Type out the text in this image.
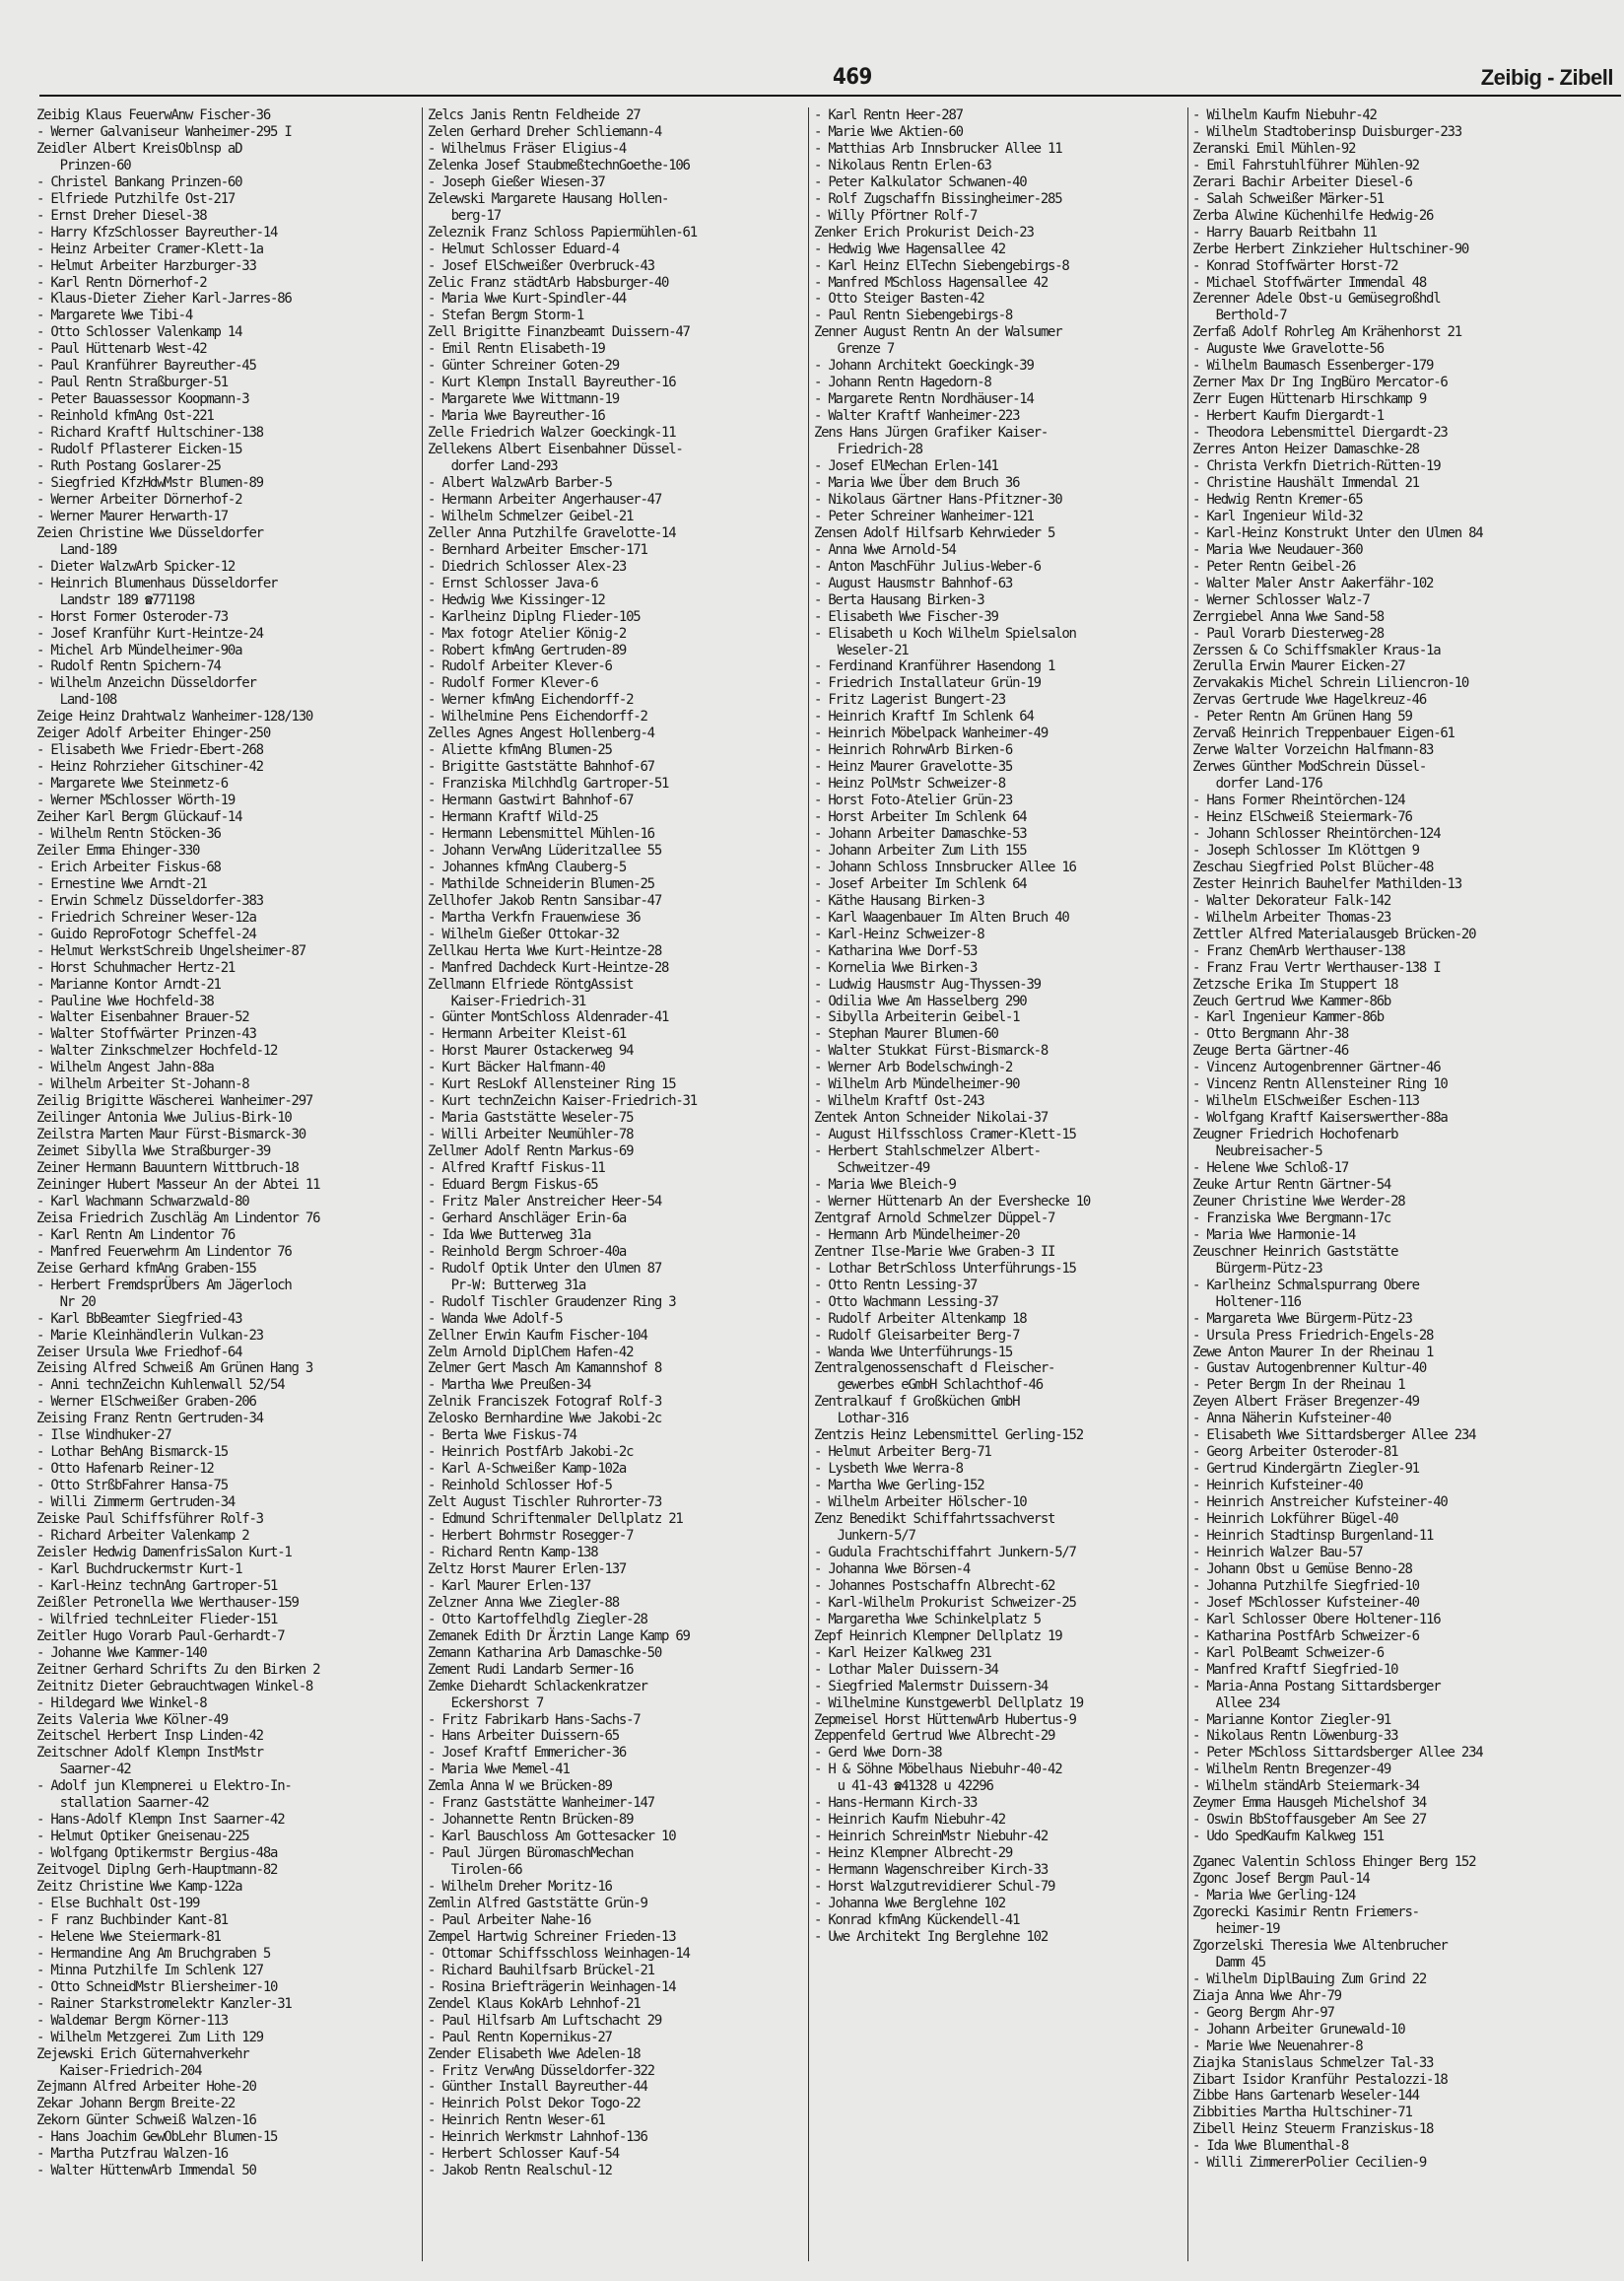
469	Zeibig - Zibell
Zeibig Klaus FeuerwAnw Fischer-36
- Werner Galvaniseur Wanheimer-295 I
Zeidler Albert KreisOblnsp aD
Prinzen-60
- Christel Bankang Prinzen-60
- Elfriede Putzhilfe Ost-217
- Ernst Dreher Diesel-38
- Harry KfzSchlosser Bayreuther-14
- Heinz Arbeiter Cramer-Klett-1a
- Helmut Arbeiter Harzburger-33
- Karl Rentn Dörnerhof-2
- Klaus-Dieter Zieher Karl-Jarres-86
- Margarete Wwe Tibi-4
- Otto Schlosser Valenkamp 14
- Paul Hüttenarb West-42
- Paul Kranführer Bayreuther-45
- Paul Rentn Straßburger-51
- Peter Bauassessor Koopmann-3
- Reinhold kfmAng Ost-221
- Richard Kraftf Hultschiner-138
- Rudolf Pflasterer Eicken-15
- Ruth Postang Goslarer-25
- Siegfried KfzHdwMstr Blumen-89
- Werner Arbeiter Dörnerhof-2
- Werner Maurer Herwarth-17
Zeien Christine Wwe Düsseldorfer
Land-189
- Dieter WalzwArb Spicker-12
- Heinrich Blumenhaus Düsseldorfer
Landstr 189 ☎771198
- Horst Former Osteroder-73
- Josef Kranführ Kurt-Heintze-24
- Michel Arb Mündelheimer-90a
- Rudolf Rentn Spichern-74
- Wilhelm Anzeichn Düsseldorfer
Land-108
Zeige Heinz Drahtwalz Wanheimer-128/130
Zeiger Adolf Arbeiter Ehinger-250
- Elisabeth Wwe Friedr-Ebert-268
- Heinz Rohrzieher Gitschiner-42
- Margarete Wwe Steinmetz-6
- Werner MSchlosser Wörth-19
Zeiher Karl Bergm Glückauf-14
- Wilhelm Rentn Stöcken-36
Zeiler Emma Ehinger-330
- Erich Arbeiter Fiskus-68
- Ernestine Wwe Arndt-21
- Erwin Schmelz Düsseldorfer-383
- Friedrich Schreiner Weser-12a
- Guido ReproFotogr Scheffel-24
- Helmut WerkstSchreib Ungelsheimer-87
- Horst Schuhmacher Hertz-21
- Marianne Kontor Arndt-21
- Pauline Wwe Hochfeld-38
- Walter Eisenbahner Brauer-52
- Walter Stoffwärter Prinzen-43
- Walter Zinkschmelzer Hochfeld-12
- Wilhelm Angest Jahn-88a
- Wilhelm Arbeiter St-Johann-8
Zeilig Brigitte Wäscherei Wanheimer-297
Zeilinger Antonia Wwe Julius-Birk-10
Zeilstra Marten Maur Fürst-Bismarck-30
Zeimet Sibylla Wwe Straßburger-39
Zeiner Hermann Bauuntern Wittbruch-18
Zeininger Hubert Masseur An der Abtei 11
- Karl Wachmann Schwarzwald-80
Zeisa Friedrich Zuschläg Am Lindentor 76
- Karl Rentn Am Lindentor 76
- Manfred Feuerwehrm Am Lindentor 76
Zeise Gerhard kfmAng Graben-155
- Herbert FremdsprÜbers Am Jägerloch
Nr 20
- Karl BbBeamter Siegfried-43
- Marie Kleinhändlerin Vulkan-23
Zeiser Ursula Wwe Friedhof-64
Zeising Alfred Schweiß Am Grünen Hang 3
- Anni technZeichn Kuhlenwall 52/54
- Werner ElSchweißer Graben-206
Zeising Franz Rentn Gertruden-34
- Ilse Windhuker-27
- Lothar BehAng Bismarck-15
- Otto Hafenarb Reiner-12
- Otto StrßbFahrer Hansa-75
- Willi Zimmerm Gertruden-34
Zeiske Paul Schiffsführer Rolf-3
- Richard Arbeiter Valenkamp 2
Zeisler Hedwig DamenfrisSalon Kurt-1
- Karl Buchdruckermstr Kurt-1
- Karl-Heinz technAng Gartroper-51
Zeißler Petronella Wwe Werthauser-159
- Wilfried technLeiter Flieder-151
Zeitler Hugo Vorarb Paul-Gerhardt-7
- Johanne Wwe Kammer-140
Zeitner Gerhard Schrifts Zu den Birken 2
Zeitnitz Dieter Gebrauchtwagen Winkel-8
- Hildegard Wwe Winkel-8
Zeits Valeria Wwe Kölner-49
Zeitschel Herbert Insp Linden-42
Zeitschner Adolf Klempn InstMstr
Saarner-42
- Adolf jun Klempnerei u Elektro-In-
stallation Saarner-42
- Hans-Adolf Klempn Inst Saarner-42
- Helmut Optiker Gneisenau-225
- Wolfgang Optikermstr Bergius-48a
Zeitvogel Diplng Gerh-Hauptmann-82
Zeitz Christine Wwe Kamp-122a
- Else Buchhalt Ost-199
- F ranz Buchbinder Kant-81
- Helene Wwe Steiermark-81
- Hermandine Ang Am Bruchgraben 5
- Minna Putzhilfe Im Schlenk 127
- Otto SchneidMstr Bliersheimer-10
- Rainer Starkstromelektr Kanzler-31
- Waldemar Bergm Körner-113
- Wilhelm Metzgerei Zum Lith 129
Zejewski Erich Güternahverkehr
Kaiser-Friedrich-204
Zejmann Alfred Arbeiter Hohe-20
Zekar Johann Bergm Breite-22
Zekorn Günter Schweiß Walzen-16
- Hans Joachim GewObLehr Blumen-15
- Martha Putzfrau Walzen-16
- Walter HüttenwArb Immendal 50
Zelcs Janis Rentn Feldheide 27
Zelen Gerhard Dreher Schliemann-4
- Wilhelmus Fräser Eligius-4
Zelenka Josef StaubmeßtechnGoethe-106
- Joseph Gießer Wiesen-37
Zelewski Margarete Hausang Hollen-
berg-17
Zeleznik Franz Schloss Papiermühlen-61
- Helmut Schlosser Eduard-4
- Josef ElSchweißer Overbruck-43
Zelic Franz städtArb Habsburger-40
- Maria Wwe Kurt-Spindler-44
- Stefan Bergm Storm-1
Zell Brigitte Finanzbeamt Duissern-47
- Emil Rentn Elisabeth-19
- Günter Schreiner Goten-29
- Kurt Klempn Install Bayreuther-16
- Margarete Wwe Wittmann-19
- Maria Wwe Bayreuther-16
Zelle Friedrich Walzer Goeckingk-11
Zellekens Albert Eisenbahner Düssel-
dorfer Land-293
- Albert WalzwArb Barber-5
- Hermann Arbeiter Angerhauser-47
- Wilhelm Schmelzer Geibel-21
Zeller Anna Putzhilfe Gravelotte-14
- Bernhard Arbeiter Emscher-171
- Diedrich Schlosser Alex-23
- Ernst Schlosser Java-6
- Hedwig Wwe Kissinger-12
- Karlheinz Diplng Flieder-105
- Max fotogr Atelier König-2
- Robert kfmAng Gertruden-89
- Rudolf Arbeiter Klever-6
- Rudolf Former Klever-6
- Werner kfmAng Eichendorff-2
- Wilhelmine Pens Eichendorff-2
Zelles Agnes Angest Hollenberg-4
- Aliette kfmAng Blumen-25
- Brigitte Gaststätte Bahnhof-67
- Franziska Milchhdlg Gartroper-51
- Hermann Gastwirt Bahnhof-67
- Hermann Kraftf Wild-25
- Hermann Lebensmittel Mühlen-16
- Johann VerwAng Lüderitzallee 55
- Johannes kfmAng Clauberg-5
- Mathilde Schneiderin Blumen-25
Zellhofer Jakob Rentn Sansibar-47
- Martha Verkfn Frauenwiese 36
- Wilhelm Gießer Ottokar-32
Zellkau Herta Wwe Kurt-Heintze-28
- Manfred Dachdeck Kurt-Heintze-28
Zellmann Elfriede RöntgAssist
Kaiser-Friedrich-31
- Günter MontSchloss Aldenrader-41
- Hermann Arbeiter Kleist-61
- Horst Maurer Ostackerweg 94
- Kurt Bäcker Halfmann-40
- Kurt ResLokf Allensteiner Ring 15
- Kurt technZeichn Kaiser-Friedrich-31
- Maria Gaststätte Weseler-75
- Willi Arbeiter Neumühler-78
Zellmer Adolf Rentn Markus-69
- Alfred Kraftf Fiskus-11
- Eduard Bergm Fiskus-65
- Fritz Maler Anstreicher Heer-54
- Gerhard Anschläger Erin-6a
- Ida Wwe Butterweg 31a
- Reinhold Bergm Schroer-40a
- Rudolf Optik Unter den Ulmen 87
Pr-W: Butterweg 31a
- Rudolf Tischler Graudenzer Ring 3
- Wanda Wwe Adolf-5
Zellner Erwin Kaufm Fischer-104
Zelm Arnold DiplChem Hafen-42
Zelmer Gert Masch Am Kamannshof 8
- Martha Wwe Preußen-34
Zelnik Franciszek Fotograf Rolf-3
Zelosko Bernhardine Wwe Jakobi-2c
- Berta Wwe Fiskus-74
- Heinrich PostfArb Jakobi-2c
- Karl A-Schweißer Kamp-102a
- Reinhold Schlosser Hof-5
Zelt August Tischler Ruhrorter-73
- Edmund Schriftenmaler Dellplatz 21
- Herbert Bohrmstr Rosegger-7
- Richard Rentn Kamp-138
Zeltz Horst Maurer Erlen-137
- Karl Maurer Erlen-137
Zelzner Anna Wwe Ziegler-88
- Otto Kartoffelhdlg Ziegler-28
Zemanek Edith Dr Ärztin Lange Kamp 69
Zemann Katharina Arb Damaschke-50
Zement Rudi Landarb Sermer-16
Zemke Diehardt Schlackenkratzer
Eckershorst 7
- Fritz Fabrikarb Hans-Sachs-7
- Hans Arbeiter Duissern-65
- Josef Kraftf Emmericher-36
- Maria Wwe Memel-41
Zemla Anna W we Brücken-89
- Franz Gaststätte Wanheimer-147
- Johannette Rentn Brücken-89
- Karl Bauschloss Am Gottesacker 10
- Paul Jürgen BüromaschMechan
Tirolen-66
- Wilhelm Dreher Moritz-16
Zemlin Alfred Gaststätte Grün-9
- Paul Arbeiter Nahe-16
Zempel Hartwig Schreiner Frieden-13
- Ottomar Schiffsschloss Weinhagen-14
- Richard Bauhilfsarb Brückel-21
- Rosina Briefträgerin Weinhagen-14
Zendel Klaus KokArb Lehnhof-21
- Paul Hilfsarb Am Luftschacht 29
- Paul Rentn Kopernikus-27
Zender Elisabeth Wwe Adelen-18
- Fritz VerwAng Düsseldorfer-322
- Günther Install Bayreuther-44
- Heinrich Polst Dekor Togo-22
- Heinrich Rentn Weser-61
- Heinrich Werkmstr Lahnhof-136
- Herbert Schlosser Kauf-54
- Jakob Rentn Realschul-12
- Karl Rentn Heer-287
- Marie Wwe Aktien-60
- Matthias Arb Innsbrucker Allee 11
- Nikolaus Rentn Erlen-63
- Peter Kalkulator Schwanen-40
- Rolf Zugschaffn Bissingheimer-285
- Willy Pförtner Rolf-7
Zenker Erich Prokurist Deich-23
- Hedwig Wwe Hagensallee 42
- Karl Heinz ElTechn Siebengebirgs-8
- Manfred MSchloss Hagensallee 42
- Otto Steiger Basten-42
- Paul Rentn Siebengebirgs-8
Zenner August Rentn An der Walsumer
Grenze 7
- Johann Architekt Goeckingk-39
- Johann Rentn Hagedorn-8
- Margarete Rentn Nordhäuser-14
- Walter Kraftf Wanheimer-223
Zens Hans Jürgen Grafiker Kaiser-
Friedrich-28
- Josef ElMechan Erlen-141
- Maria Wwe Über dem Bruch 36
- Nikolaus Gärtner Hans-Pfitzner-30
- Peter Schreiner Wanheimer-121
Zensen Adolf Hilfsarb Kehrwieder 5
- Anna Wwe Arnold-54
- Anton MaschFühr Julius-Weber-6
- August Hausmstr Bahnhof-63
- Berta Hausang Birken-3
- Elisabeth Wwe Fischer-39
- Elisabeth u Koch Wilhelm Spielsalon
Weseler-21
- Ferdinand Kranführer Hasendong 1
- Friedrich Installateur Grün-19
- Fritz Lagerist Bungert-23
- Heinrich Kraftf Im Schlenk 64
- Heinrich Möbelpack Wanheimer-49
- Heinrich RohrwArb Birken-6
- Heinz Maurer Gravelotte-35
- Heinz PolMstr Schweizer-8
- Horst Foto-Atelier Grün-23
- Horst Arbeiter Im Schlenk 64
- Johann Arbeiter Damaschke-53
- Johann Arbeiter Zum Lith 155
- Johann Schloss Innsbrucker Allee 16
- Josef Arbeiter Im Schlenk 64
- Käthe Hausang Birken-3
- Karl Waagenbauer Im Alten Bruch 40
- Karl-Heinz Schweizer-8
- Katharina Wwe Dorf-53
- Kornelia Wwe Birken-3
- Ludwig Hausmstr Aug-Thyssen-39
- Odilia Wwe Am Hasselberg 290
- Sibylla Arbeiterin Geibel-1
- Stephan Maurer Blumen-60
- Walter Stukkat Fürst-Bismarck-8
- Werner Arb Bodelschwingh-2
- Wilhelm Arb Mündelheimer-90
- Wilhelm Kraftf Ost-243
Zentek Anton Schneider Nikolai-37
- August Hilfsschloss Cramer-Klett-15
- Herbert Stahlschmelzer Albert-
Schweitzer-49
- Maria Wwe Bleich-9
- Werner Hüttenarb An der Evershecke 10
Zentgraf Arnold Schmelzer Düppel-7
- Hermann Arb Mündelheimer-20
Zentner Ilse-Marie Wwe Graben-3 II
- Lothar BetrSchloss Unterführungs-15
- Otto Rentn Lessing-37
- Otto Wachmann Lessing-37
- Rudolf Arbeiter Altenkamp 18
- Rudolf Gleisarbeiter Berg-7
- Wanda Wwe Unterführungs-15
Zentralgenossenschaft d Fleischer-
gewerbes eGmbH Schlachthof-46
Zentralkauf f Großküchen GmbH
Lothar-316
Zentzis Heinz Lebensmittel Gerling-152
- Helmut Arbeiter Berg-71
- Lysbeth Wwe Werra-8
- Martha Wwe Gerling-152
- Wilhelm Arbeiter Hölscher-10
Zenz Benedikt Schiffahrtssachverst
Junkern-5/7
- Gudula Frachtschiffahrt Junkern-5/7
- Johanna Wwe Börsen-4
- Johannes Postschaffn Albrecht-62
- Karl-Wilhelm Prokurist Schweizer-25
- Margaretha Wwe Schinkelplatz 5
Zepf Heinrich Klempner Dellplatz 19
- Karl Heizer Kalkweg 231
- Lothar Maler Duissern-34
- Siegfried Malermstr Duissern-34
- Wilhelmine Kunstgewerbl Dellplatz 19
Zepmeisel Horst HüttenwArb Hubertus-9
Zeppenfeld Gertrud Wwe Albrecht-29
- Gerd Wwe Dorn-38
- H & Söhne Möbelhaus Niebuhr-40-42
u 41-43 ☎41328 u 42296
- Hans-Hermann Kirch-33
- Heinrich Kaufm Niebuhr-42
- Heinrich SchreinMstr Niebuhr-42
- Heinz Klempner Albrecht-29
- Hermann Wagenschreiber Kirch-33
- Horst Walzgutrevidierer Schul-79
- Johanna Wwe Berglehne 102
- Konrad kfmAng Kückendell-41
- Uwe Architekt Ing Berglehne 102
- Wilhelm Kaufm Niebuhr-42
- Wilhelm Stadtoberinsp Duisburger-233
Zeranski Emil Mühlen-92
- Emil Fahrstuhlführer Mühlen-92
Zerari Bachir Arbeiter Diesel-6
- Salah Schweißer Märker-51
Zerba Alwine Küchenhilfe Hedwig-26
- Harry Bauarb Reitbahn 11
Zerbe Herbert Zinkzieher Hultschiner-90
- Konrad Stoffwärter Horst-72
- Michael Stoffwärter Immendal 48
Zerenner Adele Obst-u Gemüsegroßhdl
Berthold-7
Zerfaß Adolf Rohrleg Am Krähenhorst 21
- Auguste Wwe Gravelotte-56
- Wilhelm Baumasch Essenberger-179
Zerner Max Dr Ing IngBüro Mercator-6
Zerr Eugen Hüttenarb Hirschkamp 9
- Herbert Kaufm Diergardt-1
- Theodora Lebensmittel Diergardt-23
Zerres Anton Heizer Damaschke-28
- Christa Verkfn Dietrich-Rütten-19
- Christine Haushält Immendal 21
- Hedwig Rentn Kremer-65
- Karl Ingenieur Wild-32
- Karl-Heinz Konstrukt Unter den Ulmen 84
- Maria Wwe Neudauer-360
- Peter Rentn Geibel-26
- Walter Maler Anstr Aakerfähr-102
- Werner Schlosser Walz-7
Zerrgiebel Anna Wwe Sand-58
- Paul Vorarb Diesterweg-28
Zerssen & Co Schiffsmakler Kraus-1a
Zerulla Erwin Maurer Eicken-27
Zervakakis Michel Schrein Liliencron-10
Zervas Gertrude Wwe Hagelkreuz-46
- Peter Rentn Am Grünen Hang 59
Zervaß Heinrich Treppenbauer Eigen-61
Zerwe Walter Vorzeichn Halfmann-83
Zerwes Günther ModSchrein Düssel-
dorfer Land-176
- Hans Former Rheintörchen-124
- Heinz ElSchweiß Steiermark-76
- Johann Schlosser Rheintörchen-124
- Joseph Schlosser Im Klöttgen 9
Zeschau Siegfried Polst Blücher-48
Zester Heinrich Bauhelfer Mathilden-13
- Walter Dekorateur Falk-142
- Wilhelm Arbeiter Thomas-23
Zettler Alfred Materialausgeb Brücken-20
- Franz ChemArb Werthauser-138
- Franz Frau Vertr Werthauser-138 I
Zetzsche Erika Im Stuppert 18
Zeuch Gertrud Wwe Kammer-86b
- Karl Ingenieur Kammer-86b
- Otto Bergmann Ahr-38
Zeuge Berta Gärtner-46
- Vincenz Autogenbrenner Gärtner-46
- Vincenz Rentn Allensteiner Ring 10
- Wilhelm ElSchweißer Eschen-113
- Wolfgang Kraftf Kaiserswerther-88a
Zeugner Friedrich Hochofenarb
Neubreisacher-5
- Helene Wwe Schloß-17
Zeuke Artur Rentn Gärtner-54
Zeuner Christine Wwe Werder-28
- Franziska Wwe Bergmann-17c
- Maria Wwe Harmonie-14
Zeuschner Heinrich Gaststätte
Bürgerm-Pütz-23
- Karlheinz Schmalspurrang Obere
Holtener-116
- Margareta Wwe Bürgerm-Pütz-23
- Ursula Press Friedrich-Engels-28
Zewe Anton Maurer In der Rheinau 1
- Gustav Autogenbrenner Kultur-40
- Peter Bergm In der Rheinau 1
Zeyen Albert Fräser Bregenzer-49
- Anna Näherin Kufsteiner-40
- Elisabeth Wwe Sittardsberger Allee 234
- Georg Arbeiter Osteroder-81
- Gertrud Kindergärtn Ziegler-91
- Heinrich Kufsteiner-40
- Heinrich Anstreicher Kufsteiner-40
- Heinrich Lokführer Bügel-40
- Heinrich Stadtinsp Burgenland-11
- Heinrich Walzer Bau-57
- Johann Obst u Gemüse Benno-28
- Johanna Putzhilfe Siegfried-10
- Josef MSchlosser Kufsteiner-40
- Karl Schlosser Obere Holtener-116
- Katharina PostfArb Schweizer-6
- Karl PolBeamt Schweizer-6
- Manfred Kraftf Siegfried-10
- Maria-Anna Postang Sittardsberger
Allee 234
- Marianne Kontor Ziegler-91
- Nikolaus Rentn Löwenburg-33
- Peter MSchloss Sittardsberger Allee 234
- Wilhelm Rentn Bregenzer-49
- Wilhelm ständArb Steiermark-34
Zeymer Emma Hausgeh Michelshof 34
- Oswin BbStoffausgeber Am See 27
- Udo SpedKaufm Kalkweg 151
Zganec Valentin Schloss Ehinger Berg 152
Zgonc Josef Bergm Paul-14
- Maria Wwe Gerling-124
Zgorecki Kasimir Rentn Friemers-
heimer-19
Zgorzelski Theresia Wwe Altenbrucher
Damm 45
- Wilhelm DiplBauing Zum Grind 22
Ziaja Anna Wwe Ahr-79
- Georg Bergm Ahr-97
- Johann Arbeiter Grunewald-10
- Marie Wwe Neuenahrer-8
Ziajka Stanislaus Schmelzer Tal-33
Zibart Isidor Kranführ Pestalozzi-18
Zibbe Hans Gartenarb Weseler-144
Zibbities Martha Hultschiner-71
Zibell Heinz Steuerm Franziskus-18
- Ida Wwe Blumenthal-8
- Willi ZimmererPolier Cecilien-9
